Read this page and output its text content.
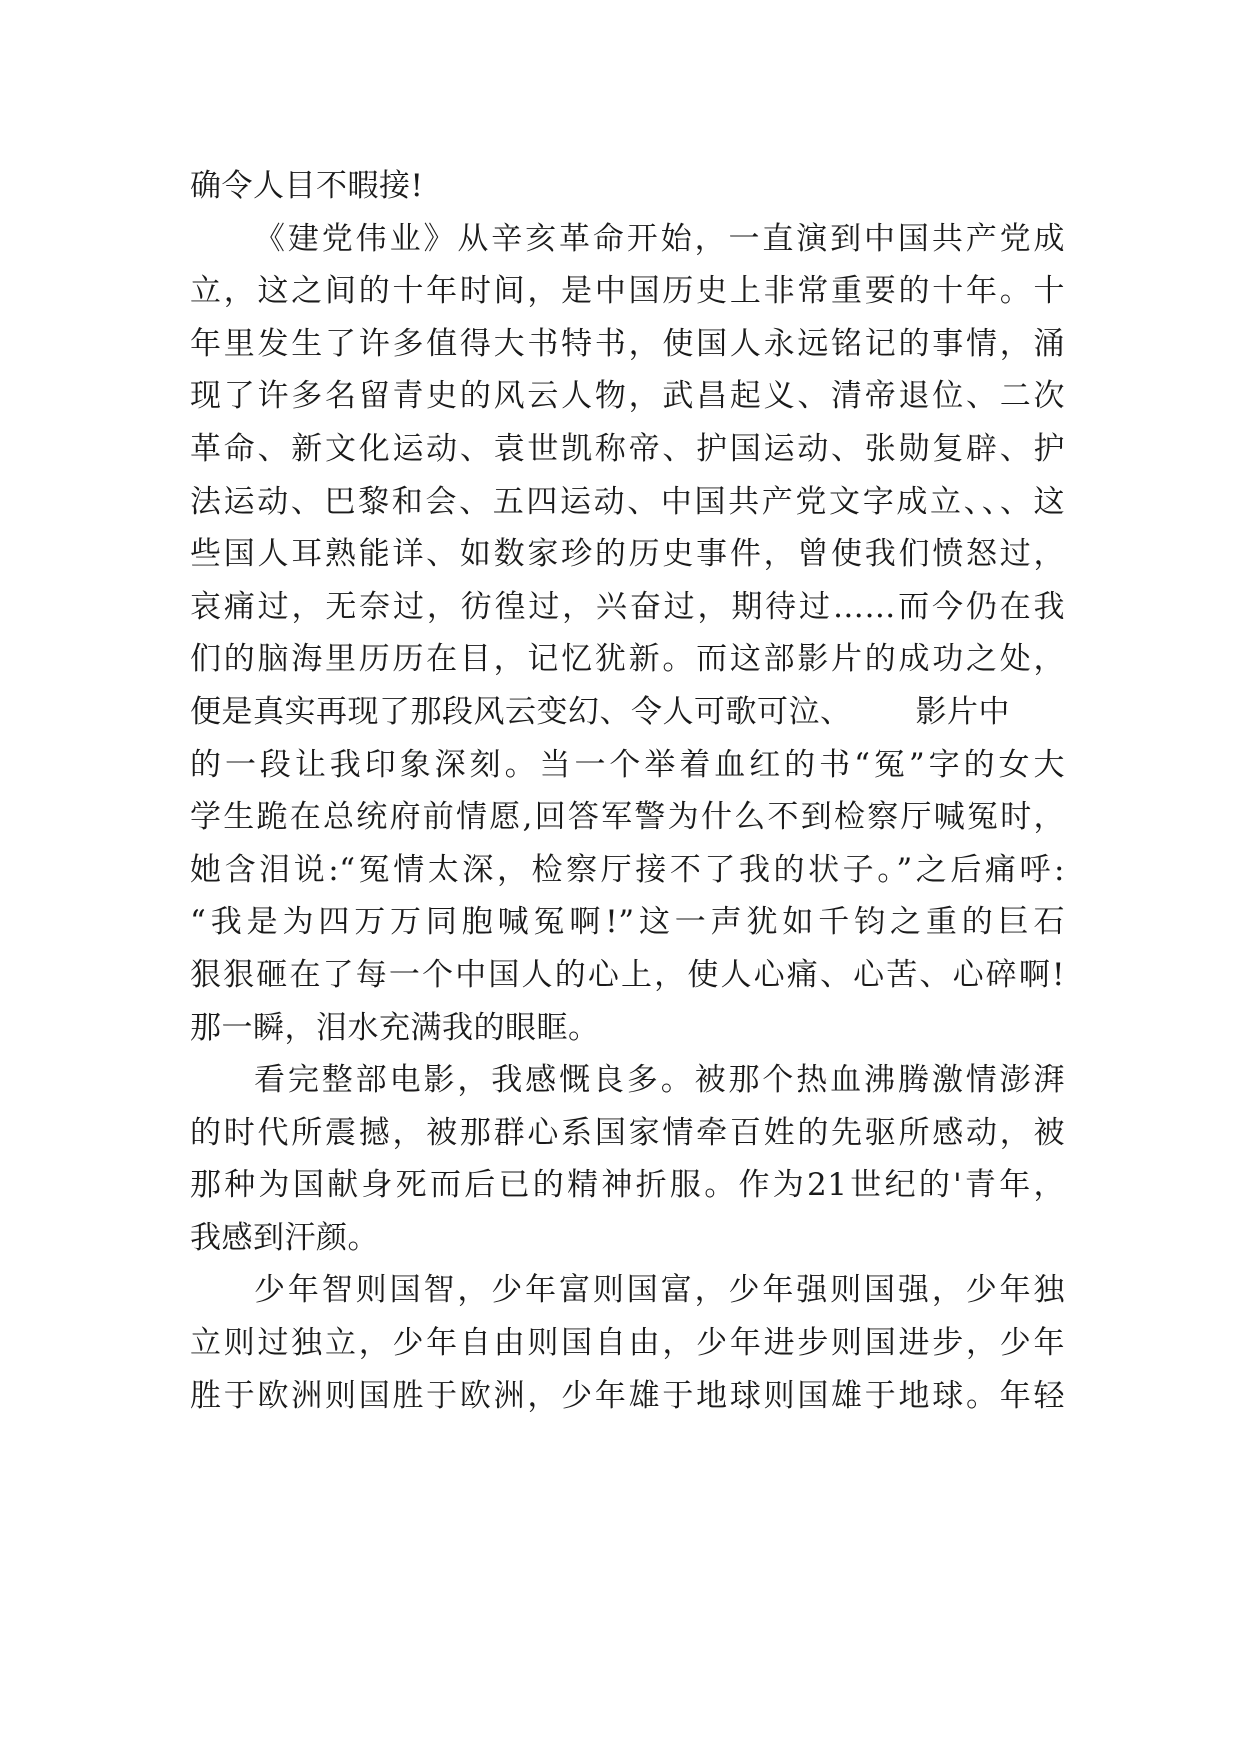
确令人目不暇接!
《建党伟业》从辛亥革命开始，一直演到中国共产党成
立，这之间的十年时间，是中国历史上非常重要的十年。十
年里发生了许多值得大书特书，使国人永远铭记的事情，涌
现了许多名留青史的风云人物，武昌起义、清帝退位、二次
革命、新文化运动、袁世凯称帝、护国运动、张勋复辟、护
法运动、巴黎和会、五四运动、中国共产党文字成立、、、这
些国人耳熟能详、如数家珍的历史事件，曾使我们愤怒过，
哀痛过，无奈过，彷徨过，兴奋过，期待过……而今仍在我
们的脑海里历历在目，记忆犹新。而这部影片的成功之处，
便是真实再现了那段风云变幻、令人可歌可泣、 影片中
的一段让我印象深刻。当一个举着血红的书“冤”字的女大
学生跪在总统府前情愿,回答军警为什么不到检察厅喊冤时，
她含泪说:“冤情太深，检察厅接不了我的状子。”之后痛呼:
“我是为四万万同胞喊冤啊!”这一声犹如千钧之重的巨石
狠狠砸在了每一个中国人的心上，使人心痛、心苦、心碎啊!
那一瞬，泪水充满我的眼眶。
看完整部电影，我感慨良多。被那个热血沸腾激情澎湃
的时代所震撼，被那群心系国家情牵百姓的先驱所感动，被
那种为国献身死而后已的精神折服。作为21世纪的'青年，
我感到汗颜。
少年智则国智，少年富则国富，少年强则国强，少年独
立则过独立，少年自由则国自由，少年进步则国进步，少年
胜于欧洲则国胜于欧洲，少年雄于地球则国雄于地球。年轻
